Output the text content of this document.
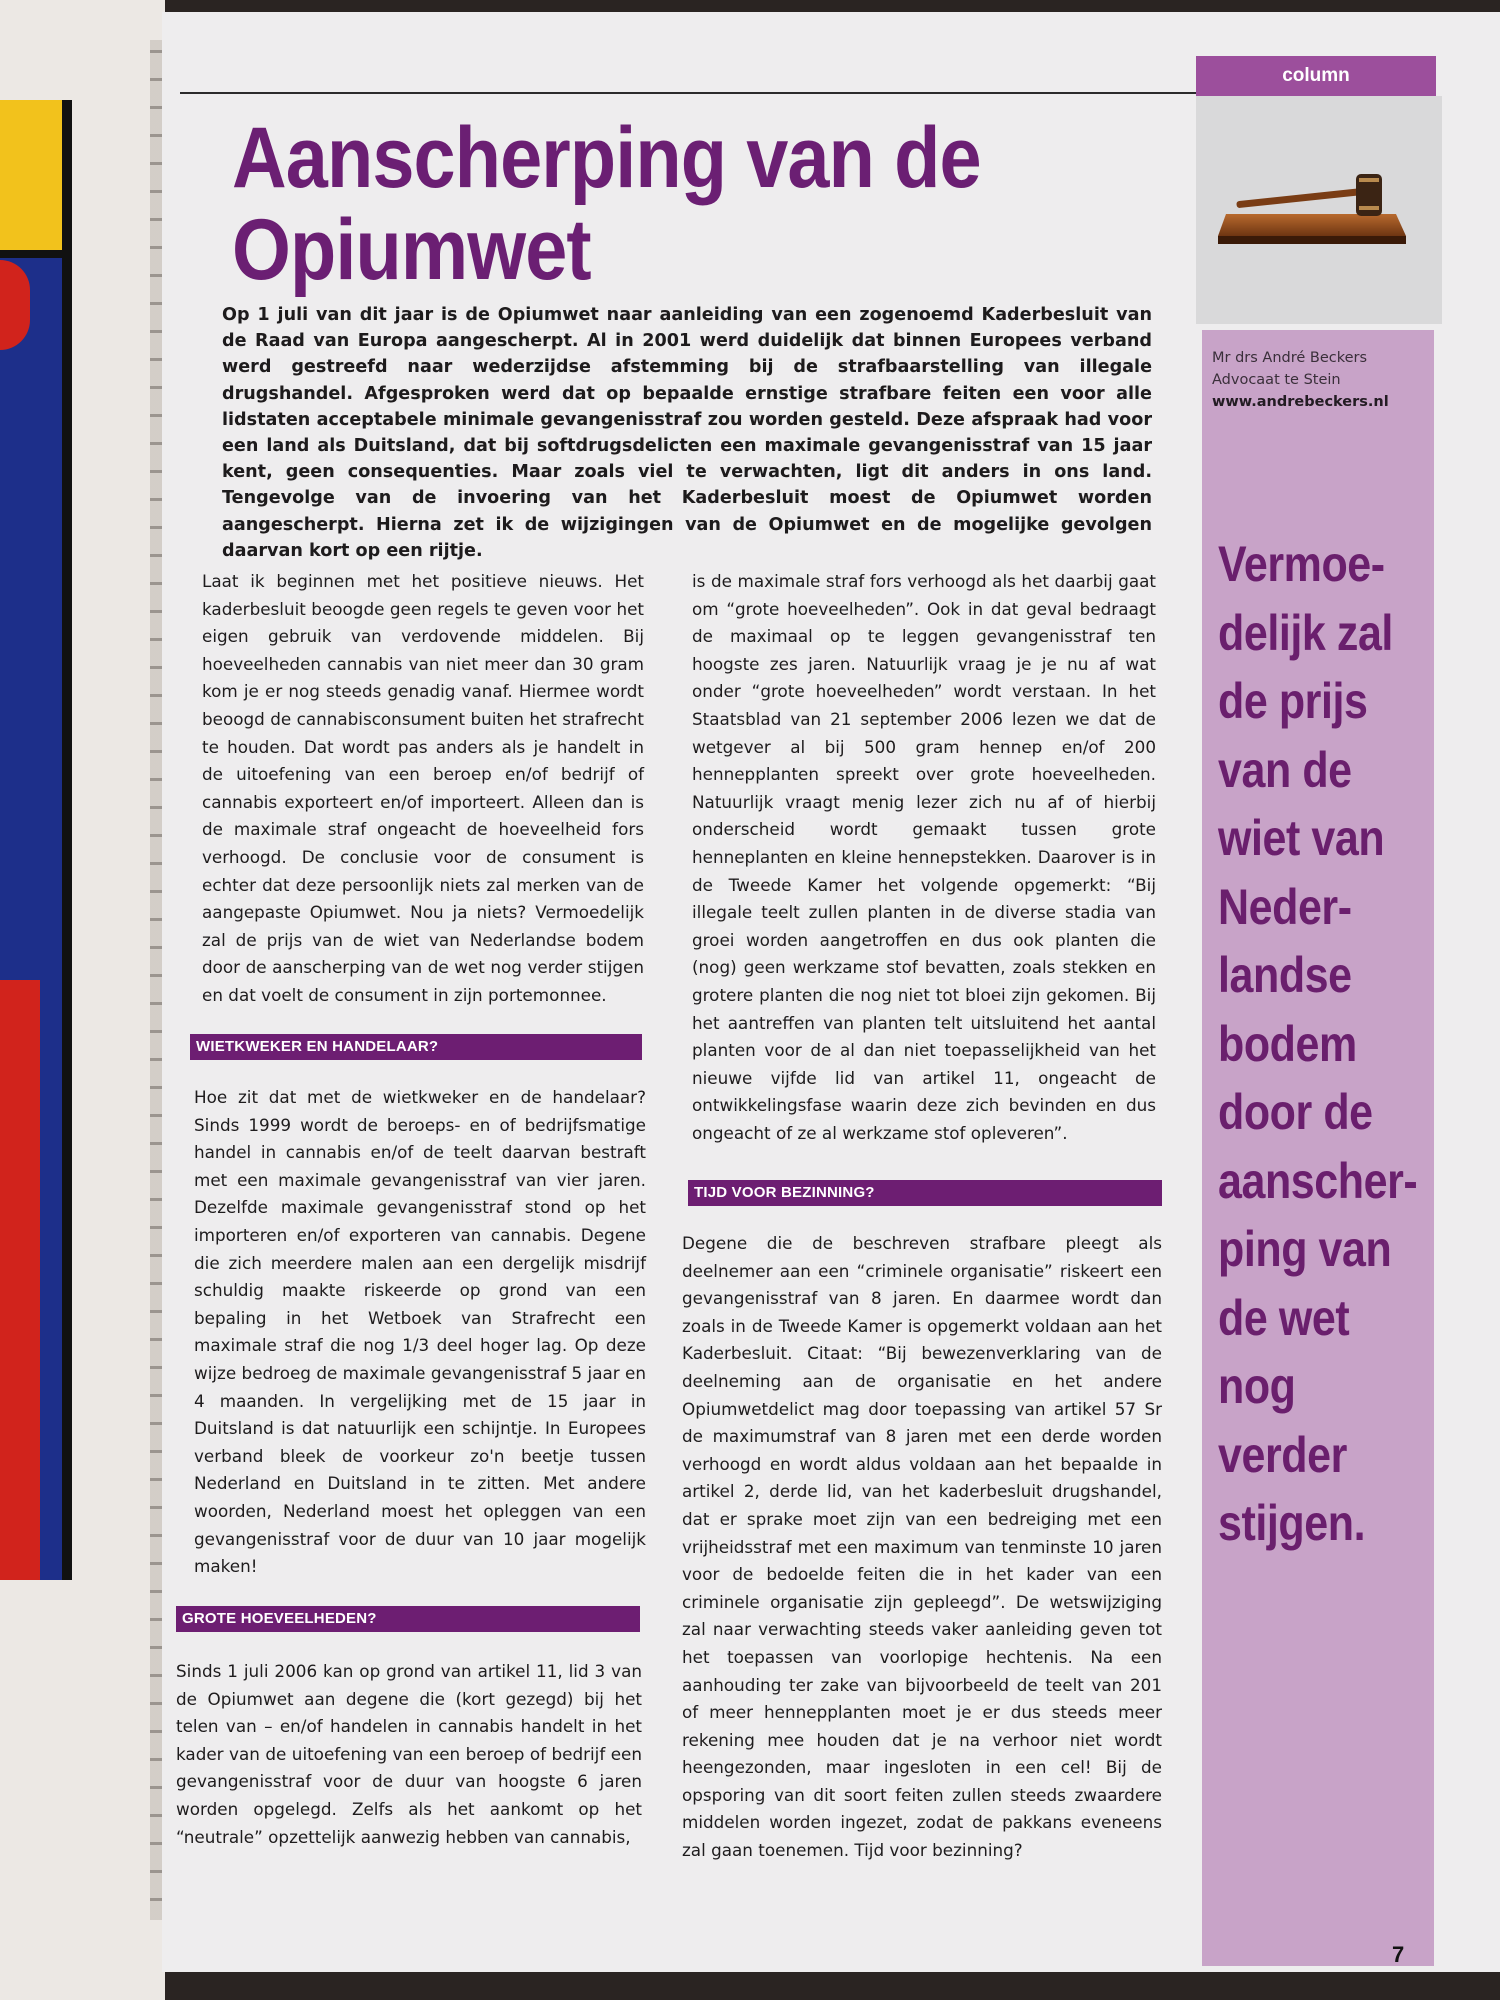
Aanscherping van de Opiumwet

Op 1 juli van dit jaar is de Opiumwet naar aanleiding van een zogenoemd Kaderbesluit van de Raad van Europa aangescherpt. Al in 2001 werd duidelijk dat binnen Europees verband werd gestreefd naar wederzijdse afstemming bij de strafbaarstelling van illegale drugshandel. Afgesproken werd dat op bepaalde ernstige strafbare feiten een voor alle lidstaten acceptabele minimale gevangenisstraf zou worden gesteld. Deze afspraak had voor een land als Duitsland, dat bij softdrugsdelicten een maximale gevangenisstraf van 15 jaar kent, geen consequenties. Maar zoals viel te verwachten, ligt dit anders in ons land. Tengevolge van de invoering van het Kaderbesluit moest de Opiumwet worden aangescherpt. Hierna zet ik de wijzigingen van de Opiumwet en de mogelijke gevolgen daarvan kort op een rijtje.

Laat ik beginnen met het positieve nieuws. Het kaderbesluit beoogde geen regels te geven voor het eigen gebruik van verdovende middelen. Bij hoeveelheden cannabis van niet meer dan 30 gram kom je er nog steeds genadig vanaf. Hiermee wordt beoogd de cannabisconsument buiten het strafrecht te houden. Dat wordt pas anders als je handelt in de uitoefening van een beroep en/of bedrijf of cannabis exporteert en/of importeert. Alleen dan is de maximale straf ongeacht de hoeveelheid fors verhoogd. De conclusie voor de consument is echter dat deze persoonlijk niets zal merken van de aangepaste Opiumwet. Nou ja niets? Vermoedelijk zal de prijs van de wiet van Nederlandse bodem door de aanscherping van de wet nog verder stijgen en dat voelt de consument in zijn portemonnee.

WIETKWEKER EN HANDELAAR?

Hoe zit dat met de wietkweker en de handelaar? Sinds 1999 wordt de beroeps- en of bedrijfsmatige handel in cannabis en/of de teelt daarvan bestraft met een maximale gevangenisstraf van vier jaren. Dezelfde maximale gevangenisstraf stond op het importeren en/of exporteren van cannabis. Degene die zich meerdere malen aan een dergelijk misdrijf schuldig maakte riskeerde op grond van een bepaling in het Wetboek van Strafrecht een maximale straf die nog 1/3 deel hoger lag. Op deze wijze bedroeg de maximale gevangenisstraf 5 jaar en 4 maanden. In vergelijking met de 15 jaar in Duitsland is dat natuurlijk een schijntje. In Europees verband bleek de voorkeur zo'n beetje tussen Nederland en Duitsland in te zitten. Met andere woorden, Nederland moest het opleggen van een gevangenisstraf voor de duur van 10 jaar mogelijk maken!

GROTE HOEVEELHEDEN?

Sinds 1 juli 2006 kan op grond van artikel 11, lid 3 van de Opiumwet aan degene die (kort gezegd) bij het telen van – en/of handelen in cannabis handelt in het kader van de uitoefening van een beroep of bedrijf een gevangenisstraf voor de duur van hoogste 6 jaren worden opgelegd. Zelfs als het aankomt op het “neutrale” opzettelijk aanwezig hebben van cannabis,

is de maximale straf fors verhoogd als het daarbij gaat om “grote hoeveelheden”. Ook in dat geval bedraagt de maximaal op te leggen gevangenisstraf ten hoogste zes jaren. Natuurlijk vraag je je nu af wat onder “grote hoeveelheden” wordt verstaan. In het Staatsblad van 21 september 2006 lezen we dat de wetgever al bij 500 gram hennep en/of 200 hennepplanten spreekt over grote hoeveelheden. Natuurlijk vraagt menig lezer zich nu af of hierbij onderscheid wordt gemaakt tussen grote henneplanten en kleine hennepstekken. Daarover is in de Tweede Kamer het volgende opgemerkt: “Bij illegale teelt zullen planten in de diverse stadia van groei worden aangetroffen en dus ook planten die (nog) geen werkzame stof bevatten, zoals stekken en grotere planten die nog niet tot bloei zijn gekomen. Bij het aantreffen van planten telt uitsluitend het aantal planten voor de al dan niet toepasselijkheid van het nieuwe vijfde lid van artikel 11, ongeacht de ontwikkelingsfase waarin deze zich bevinden en dus ongeacht of ze al werkzame stof opleveren”.

TIJD VOOR BEZINNING?

Degene die de beschreven strafbare pleegt als deelnemer aan een “criminele organisatie” riskeert een gevangenisstraf van 8 jaren. En daarmee wordt dan zoals in de Tweede Kamer is opgemerkt voldaan aan het Kaderbesluit. Citaat: “Bij bewezenverklaring van de deelneming aan de organisatie en het andere Opiumwetdelict mag door toepassing van artikel 57 Sr de maximumstraf van 8 jaren met een derde worden verhoogd en wordt aldus voldaan aan het bepaalde in artikel 2, derde lid, van het kaderbesluit drugshandel, dat er sprake moet zijn van een bedreiging met een vrijheidsstraf met een maximum van tenminste 10 jaren voor de bedoelde feiten die in het kader van een criminele organisatie zijn gepleegd”. De wetswijziging zal naar verwachting steeds vaker aanleiding geven tot het toepassen van voorlopige hechtenis. Na een aanhouding ter zake van bijvoorbeeld de teelt van 201 of meer hennepplanten moet je er dus steeds meer rekening mee houden dat je na verhoor niet wordt heengezonden, maar ingesloten in een cel! Bij de opsporing van dit soort feiten zullen steeds zwaardere middelen worden ingezet, zodat de pakkans eveneens zal gaan toenemen. Tijd voor bezinning?

column
Mr drs André Beckers
Advocaat te Stein
www.andrebeckers.nl

Vermoe-delijk zal de prijs van de wiet van Neder-landse bodem door de aanscher-ping van de wet nog verder stijgen.

7
